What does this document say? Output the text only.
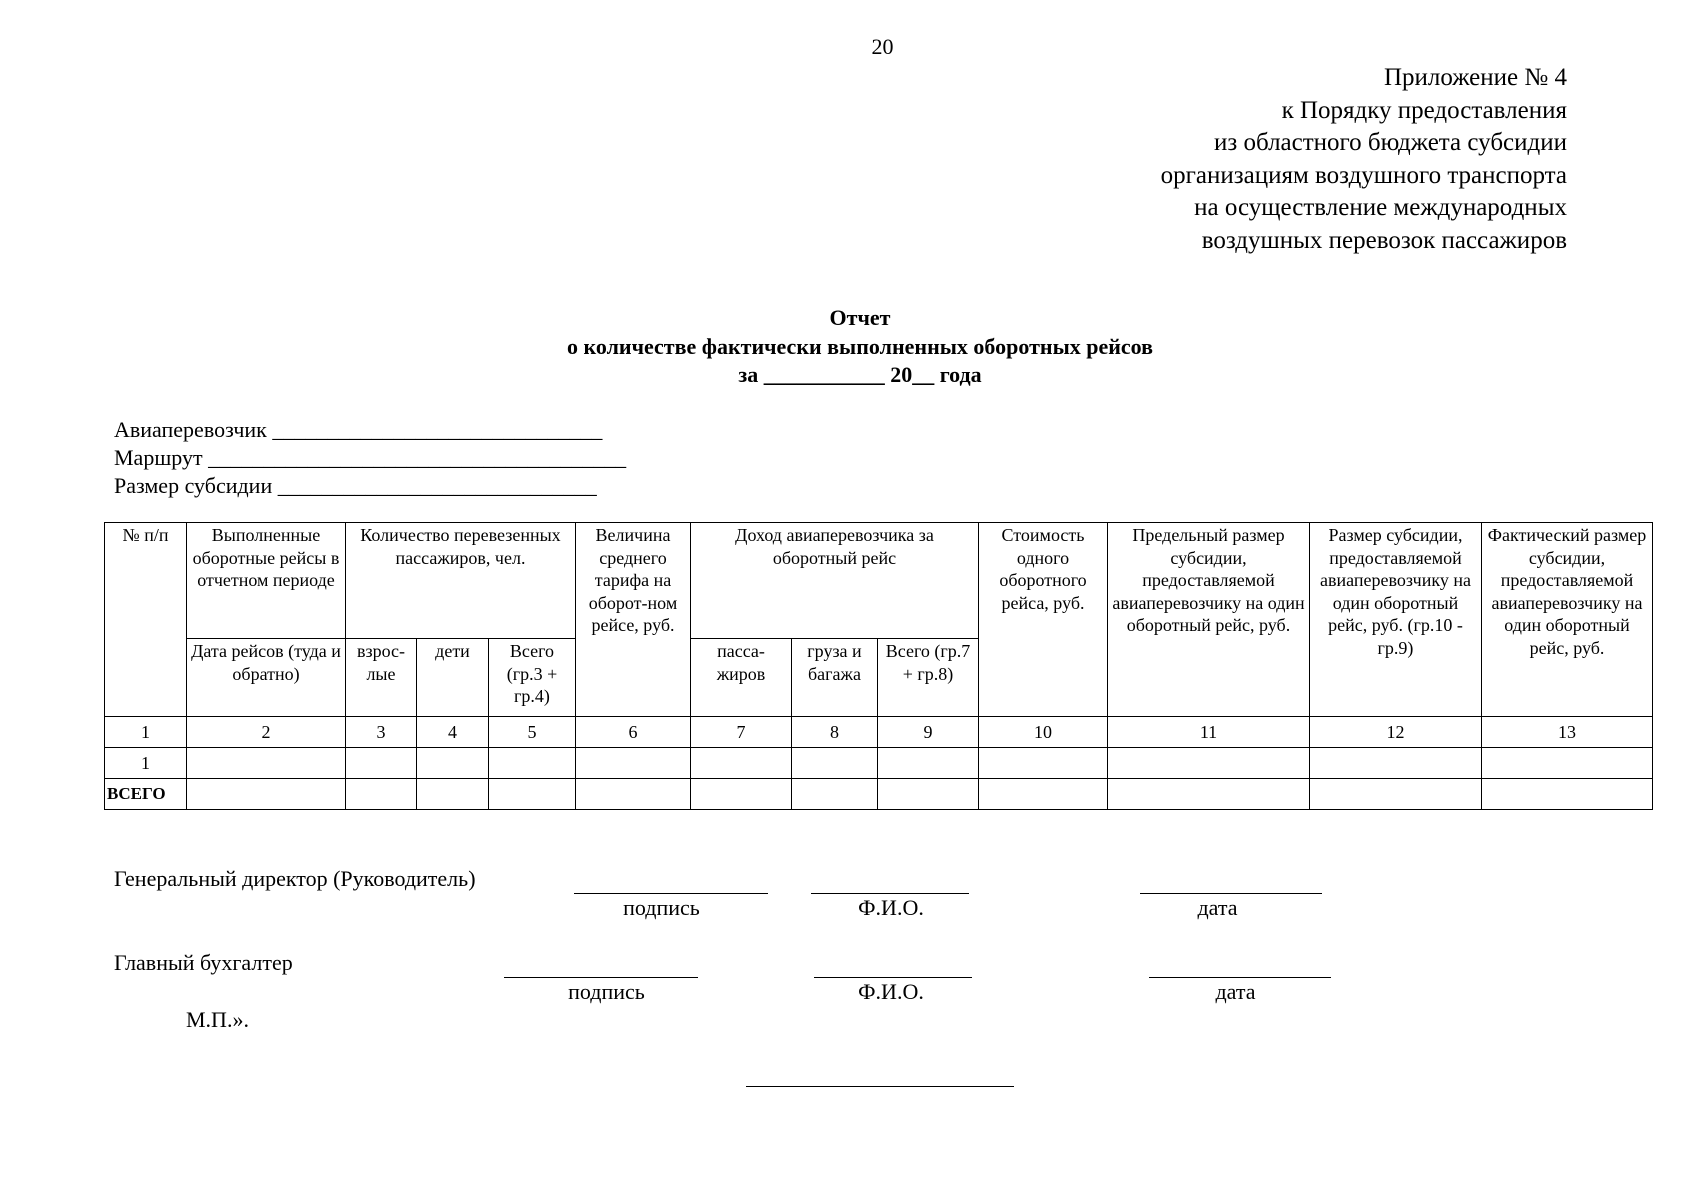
20
Приложение № 4
к Порядку предоставления
из областного бюджета субсидии
организациям воздушного транспорта
на осуществление международных
воздушных перевозок пассажиров
Отчет
о количестве фактически выполненных оборотных рейсов
за ___________ 20__ года
Авиаперевозчик ______________________________
Маршрут ______________________________________
Размер субсидии _____________________________
№ п/п	Выполненные оборотные рейсы в отчетном периоде	Количество перевезенных пассажиров, чел.			Величина среднего тарифа на оборот-ном рейсе, руб.	Доход авиаперевозчика за оборотный рейс			Стоимость одного оборотного рейса, руб.	Предельный размер субсидии, предоставляемой авиаперевозчику на один оборотный рейс, руб.	Размер субсидии, предоставляемой авиаперевозчику на один оборотный рейс, руб. (гр.10 - гр.9)	Фактический размер субсидии, предоставляемой авиаперевозчику на один оборотный рейс, руб.
	Дата рейсов (туда и обратно)	взрос-лые	дети	Всего (гр.3 + гр.4)		пасса-жиров	груза и багажа	Всего (гр.7 + гр.8)				
1	2	3	4	5	6	7	8	9	10	11	12	13
1												
ВСЕГО												
Генеральный директор (Руководитель)
подпись	Ф.И.О.	дата
Главный бухгалтер
подпись	Ф.И.О.	дата
М.П.».
